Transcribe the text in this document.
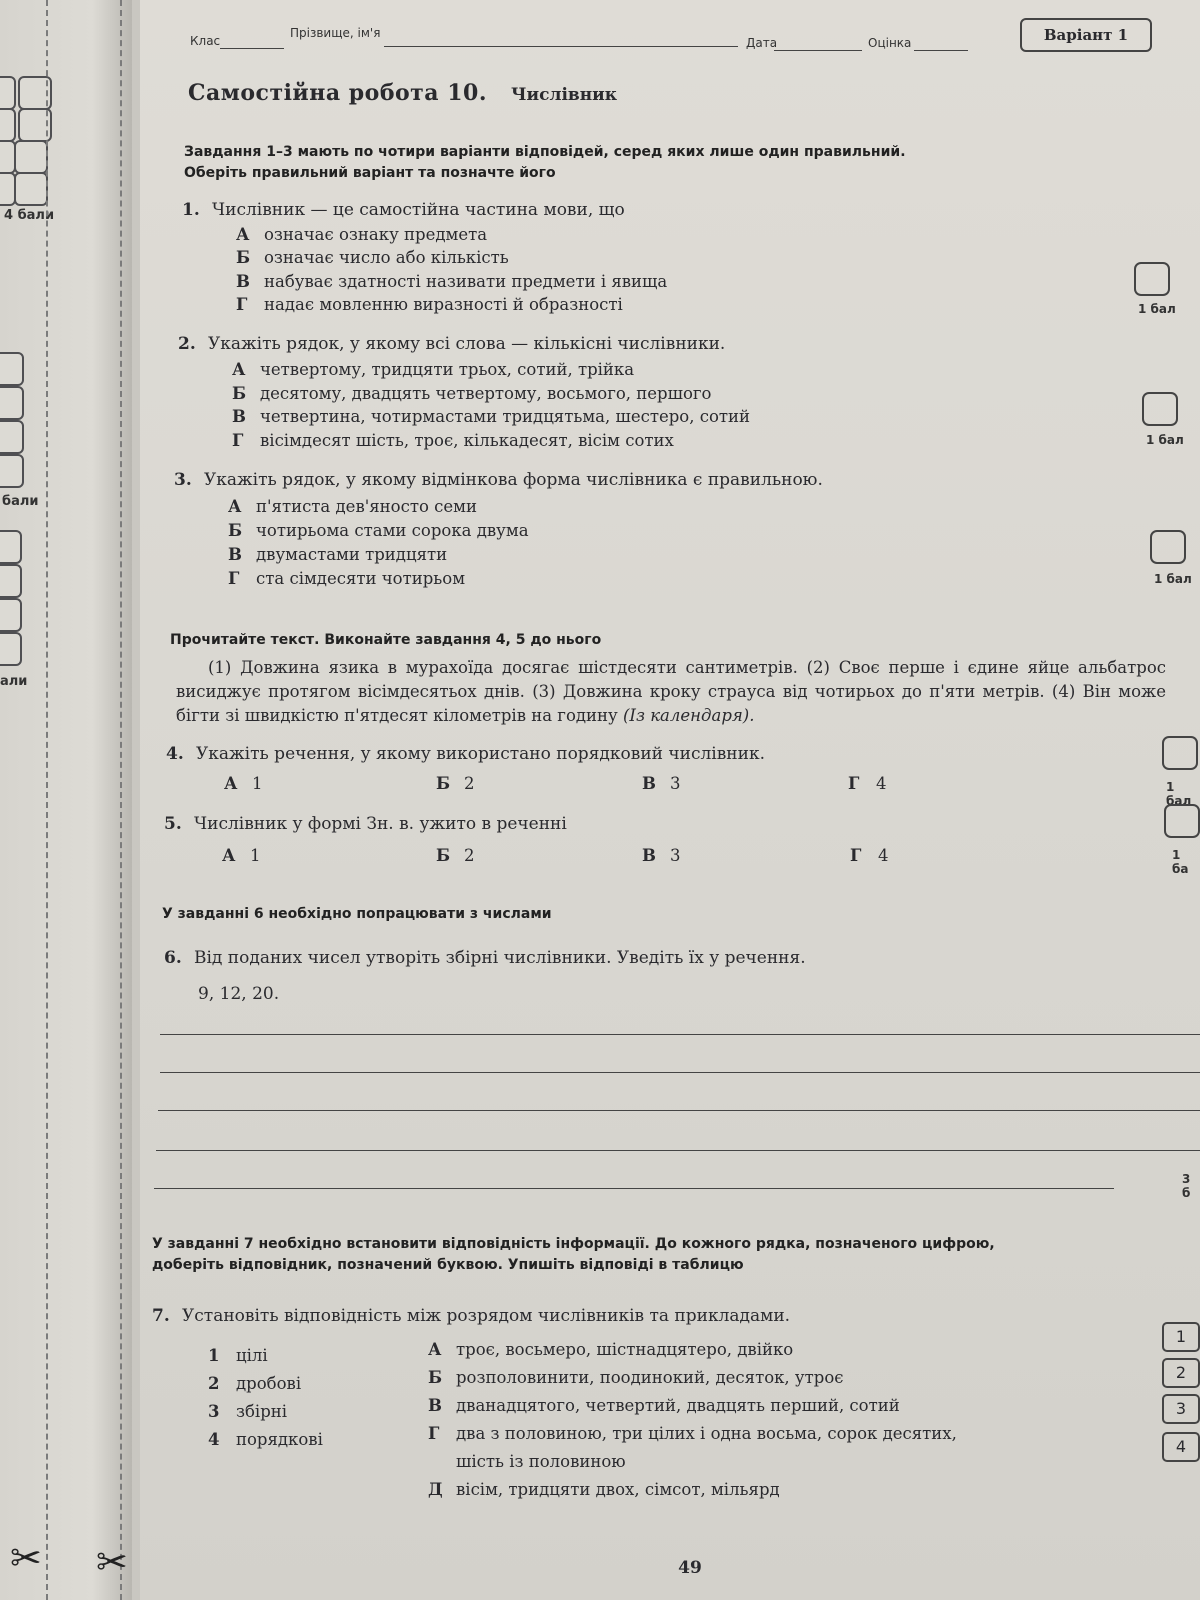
4 бали
бали
али
✂ ✂
Клас
Прізвище, ім'я
Дата	Оцінка	Варіант 1
Самостійна робота 10. Числівник
Завдання 1–3 мають по чотири варіанти відповідей, серед яких лише один правильний.
Оберіть правильний варіант та позначте його
1. Числівник — це самостійна частина мови, що
А означає ознаку предмета
Б означає число або кількість
В набуває здатності називати предмети і явища
Г надає мовленню виразності й образності	1 бал
2. Укажіть рядок, у якому всі слова — кількісні числівники.
А четвертому, тридцяти трьох, сотий, трійка
Б десятому, двадцять четвертому, восьмого, першого
В четвертина, чотирмастами тридцятьма, шестеро, сотий
Г вісімдесят шість, троє, кількадесят, вісім сотих	1 бал
3. Укажіть рядок, у якому відмінкова форма числівника є правильною.
А п'ятиста дев'яносто семи
Б чотирьома стами сорока двума
В двумастами тридцяти
Г ста сімдесяти чотирьом	1 бал
Прочитайте текст. Виконайте завдання 4, 5 до нього
(1) Довжина язика в мурахоїда досягає шістдесяти сантиметрів. (2) Своє перше і єдине яйце альбатрос висиджує протягом вісімдесятьох днів. (3) Довжина кроку страуса від чотирьох до п'яти метрів. (4) Він може бігти зі швидкістю п'ятдесят кілометрів на годину (Із календаря).
4. Укажіть речення, у якому використано порядковий числівник.
А 1	Б 2	В 3	Г 4	1 бал
5. Числівник у формі Зн. в. ужито в реченні
А 1	Б 2	В 3	Г 4	1 ба
У завданні 6 необхідно попрацювати з числами
6. Від поданих чисел утворіть збірні числівники. Уведіть їх у речення.
9, 12, 20.
3 б
У завданні 7 необхідно встановити відповідність інформації. До кожного рядка, позначеного цифрою,
доберіть відповідник, позначений буквою. Упишіть відповіді в таблицю
7. Установіть відповідність між розрядом числівників та прикладами.
1 цілі
2 дробові
3 збірні
4 порядкові
А троє, восьмеро, шістнадцятеро, двійко
Б розполовинити, поодинокий, десяток, утроє
В дванадцятого, четвертий, двадцять перший, сотий
Г два з половиною, три цілих і одна восьма, сорок десятих,
шість із половиною
Д вісім, тридцяти двох, сімсот, мільярд
1
2
3
4
49
